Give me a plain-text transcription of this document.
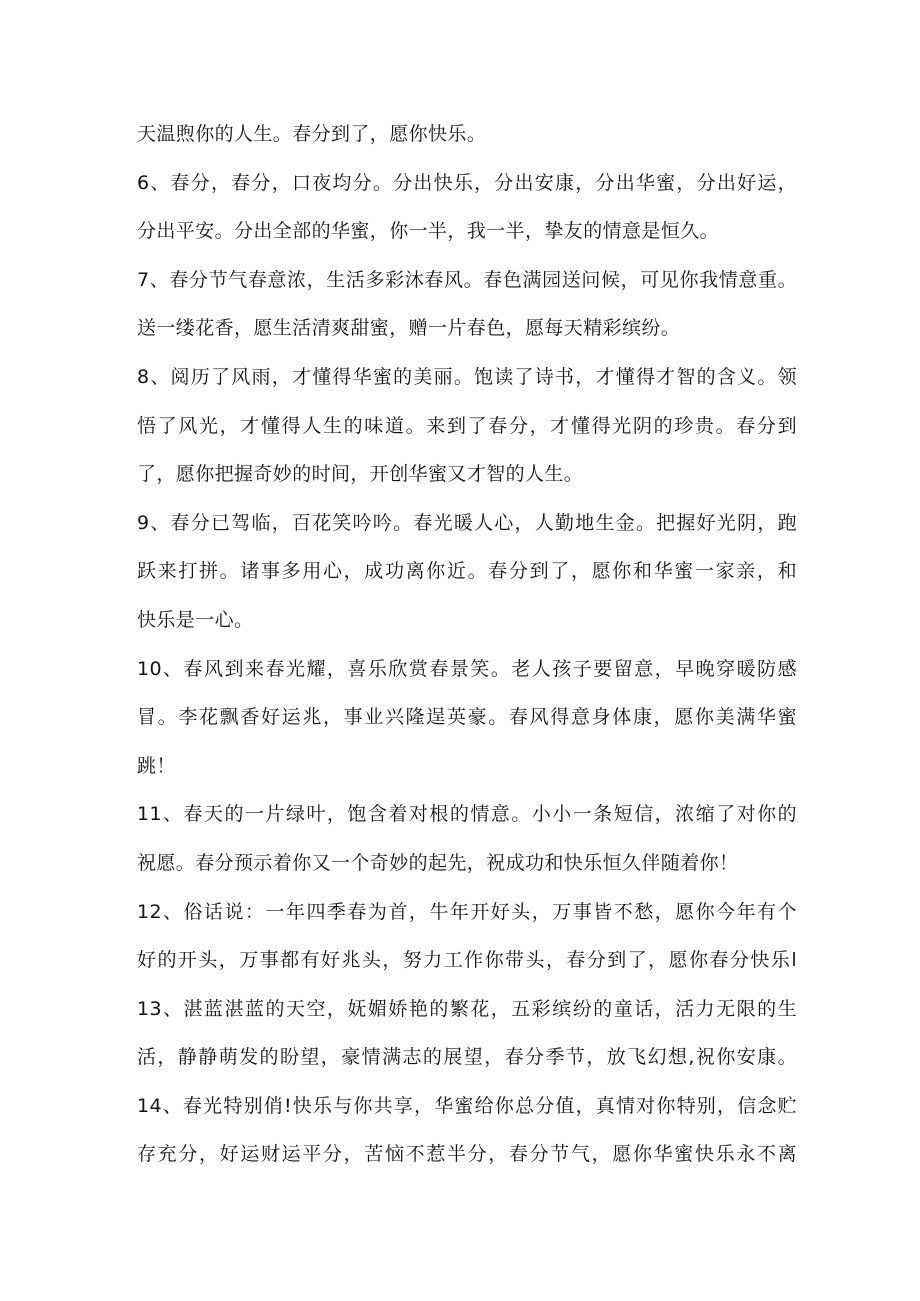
天温煦你的人生。春分到了，愿你快乐。
6、春分，春分，口夜均分。分出快乐，分出安康，分出华蜜，分出好运，
分出平安。分出全部的华蜜，你一半，我一半，挚友的情意是恒久。
7、春分节气春意浓，生活多彩沐春风。春色满园送问候，可见你我情意重。
送一缕花香，愿生活清爽甜蜜，赠一片春色，愿每天精彩缤纷。
8、阅历了风雨，才懂得华蜜的美丽。饱读了诗书，才懂得才智的含义。领
悟了风光，才懂得人生的味道。来到了春分，才懂得光阴的珍贵。春分到
了，愿你把握奇妙的时间，开创华蜜又才智的人生。
9、春分已驾临，百花笑吟吟。春光暖人心，人勤地生金。把握好光阴，跑
跃来打拼。诸事多用心，成功离你近。春分到了，愿你和华蜜一家亲，和
快乐是一心。
10、春风到来春光耀，喜乐欣赏春景笑。老人孩子要留意，早晚穿暖防感
冒。李花飘香好运兆，事业兴隆逞英豪。春风得意身体康，愿你美满华蜜
跳！
11、春天的一片绿叶，饱含着对根的情意。小小一条短信，浓缩了对你的
祝愿。春分预示着你又一个奇妙的起先，祝成功和快乐恒久伴随着你！
12、俗话说：一年四季春为首，牛年开好头，万事皆不愁，愿你今年有个
好的开头，万事都有好兆头，努力工作你带头，春分到了，愿你春分快乐l
13、湛蓝湛蓝的天空，妩媚娇艳的繁花，五彩缤纷的童话，活力无限的生
活，静静萌发的盼望，豪情满志的展望，春分季节，放飞幻想,祝你安康。
14、春光特别俏!快乐与你共享，华蜜给你总分值，真情对你特别，信念贮
存充分，好运财运平分，苦恼不惹半分，春分节气，愿你华蜜快乐永不离
